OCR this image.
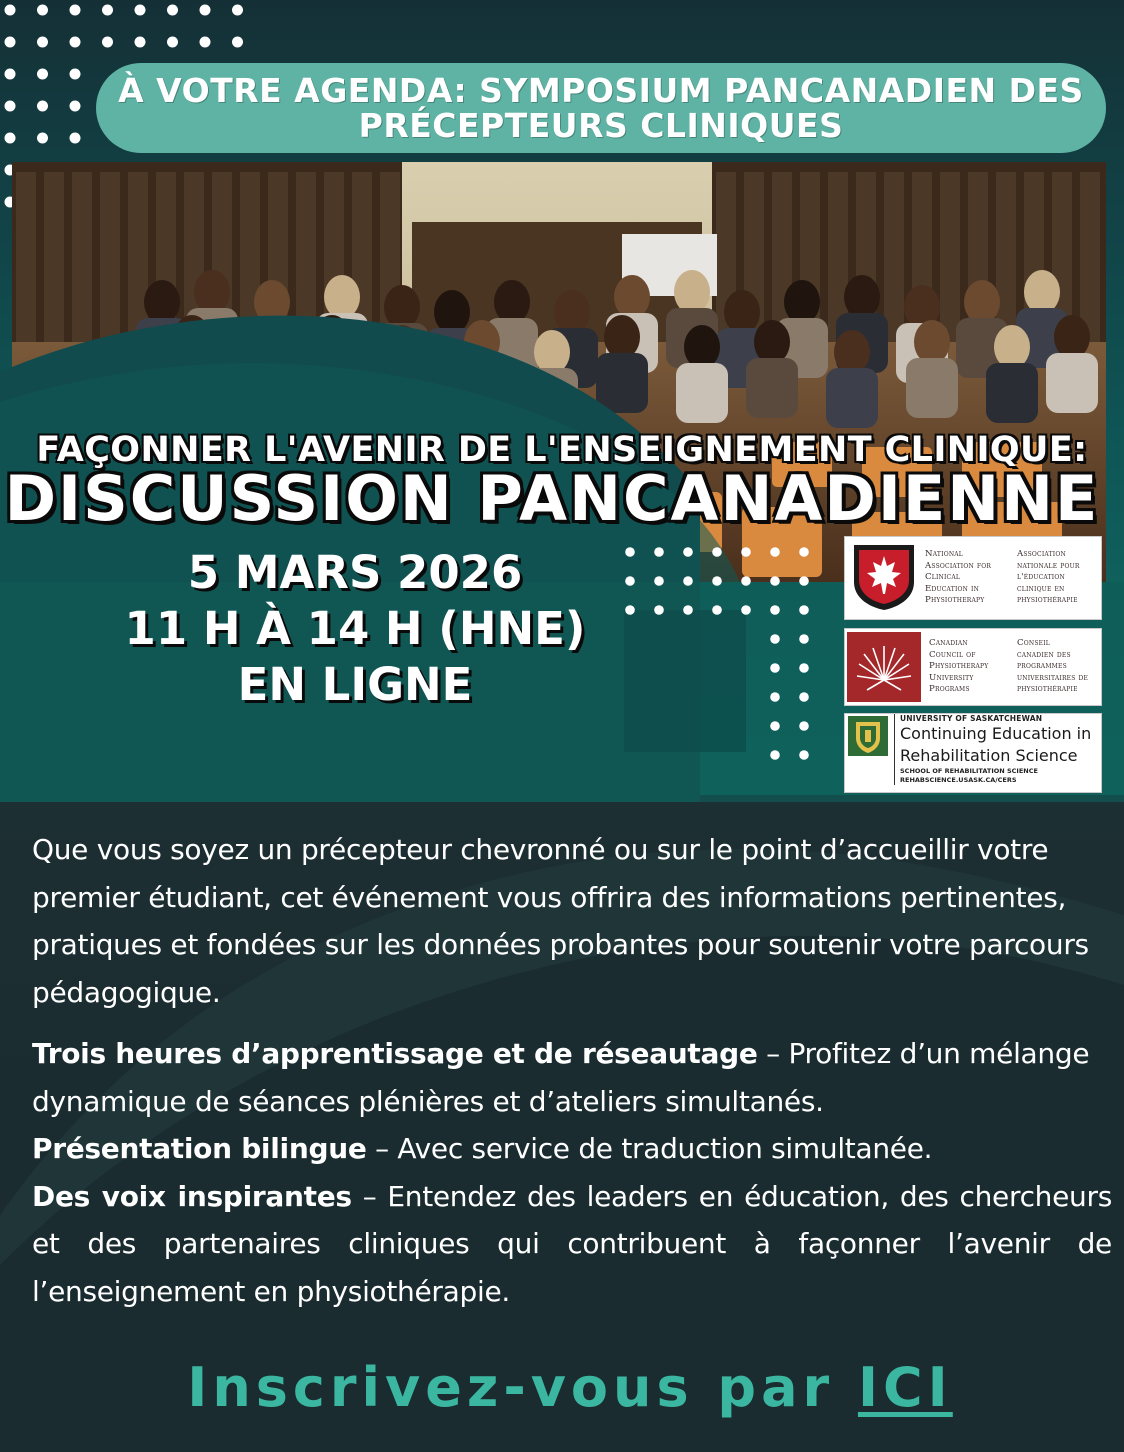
À VOTRE AGENDA: SYMPOSIUM PANCANADIEN DES
PRÉCEPTEURS CLINIQUES
FAÇONNER L'AVENIR DE L'ENSEIGNEMENT CLINIQUE:
DISCUSSION PANCANADIENNE
5 MARS 2026
11 H À 14 H (HNE)
EN LIGNE
National
Association for
Clinical
Education in
Physiotherapy
Association
nationale pour
l'éducation
clinique en
physiothérapie
Canadian
Council of
Physiotherapy
University
Programs
Conseil
canadien des
programmes
universitaires de
physiothérapie
UNIVERSITY OF SASKATCHEWAN
Continuing Education in
Rehabilitation Science
SCHOOL OF REHABILITATION SCIENCE
REHABSCIENCE.USASK.CA/CERS

Que vous soyez un précepteur chevronné ou sur le point d’accueillir votre premier étudiant, cet événement vous offrira des informations pertinentes, pratiques et fondées sur les données probantes pour soutenir votre parcours pédagogique.

Trois heures d’apprentissage et de réseautage – Profitez d’un mélange dynamique de séances plénières et d’ateliers simultanés.

Présentation bilingue – Avec service de traduction simultanée.

Des voix inspirantes – Entendez des leaders en éducation, des chercheurs et des partenaires cliniques qui contribuent à façonner l’avenir de l’enseignement en physiothérapie.

Inscrivez-vous par ICI
